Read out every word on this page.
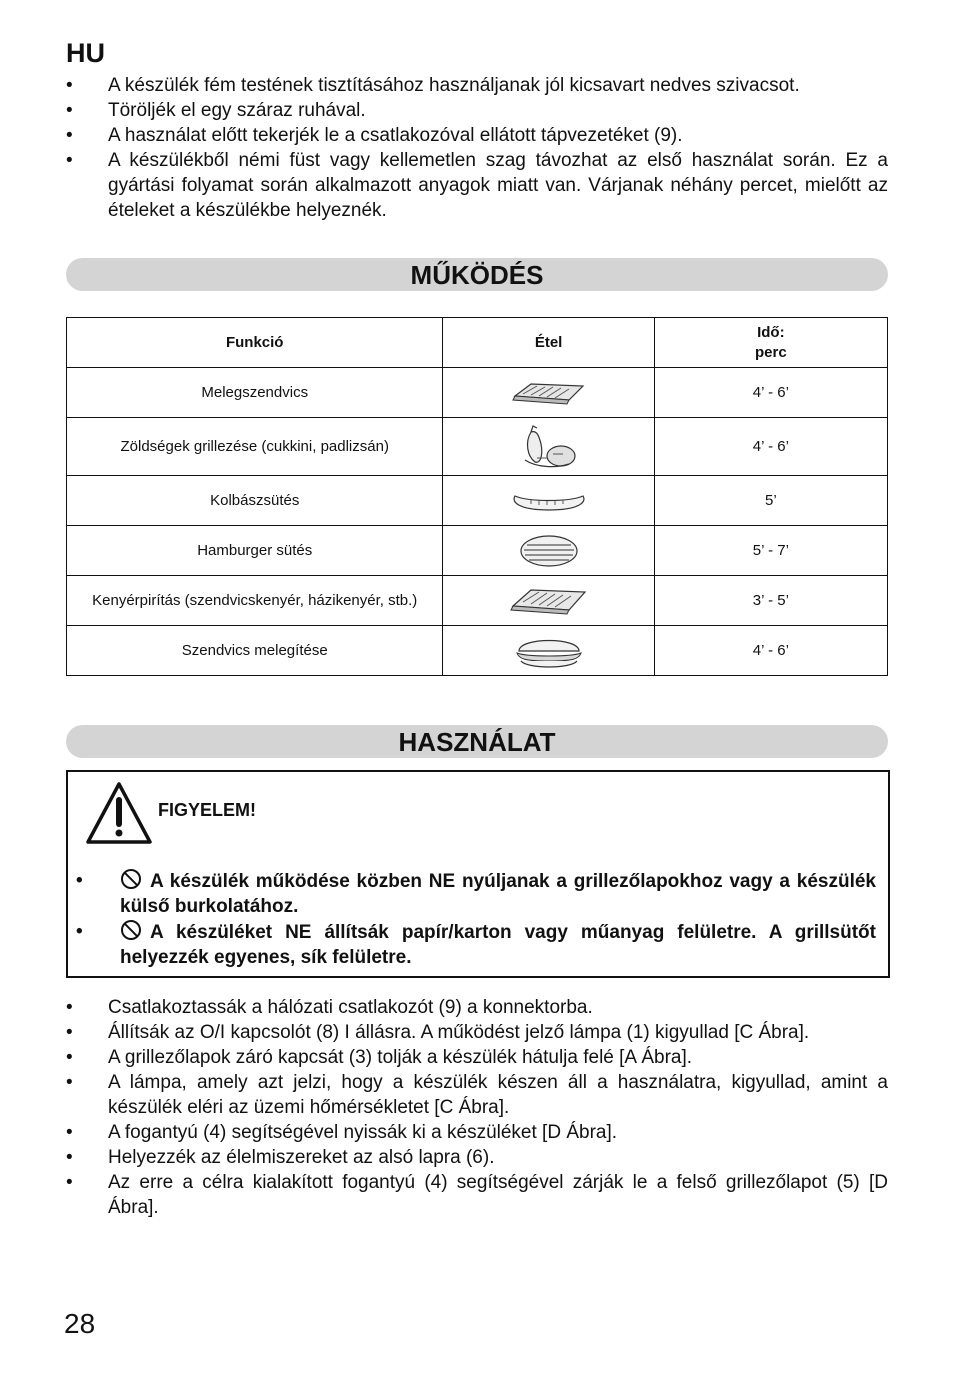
HU
• A készülék fém testének tisztításához használjanak jól kicsavart nedves szivacsot.
• Töröljék el egy száraz ruhával.
• A használat előtt tekerjék le a csatlakozóval ellátott tápvezetéket (9).
• A készülékből némi füst vagy kellemetlen szag távozhat az első használat során. Ez a gyártási folyamat során alkalmazott anyagok miatt van. Várjanak néhány percet, mielőtt az ételeket a készülékbe helyeznék.
MŰKÖDÉS
Funkció	Étel	Idő:
perc
Melegszendvics		4’ - 6’
Zöldségek grillezése (cukkini, padlizsán)		4’ - 6’
Kolbászsütés		5’
Hamburger sütés		5’ - 7’
Kenyérpirítás (szendvicskenyér, házikenyér, stb.)		3’ - 5’
Szendvics melegítése		4’ - 6’
HASZNÁLAT
FIGYELEM!
•	A készülék működése közben NE nyúljanak a grillezőlapokhoz vagy a készülék külső burkolatához.
•	A készüléket NE állítsák papír/karton vagy műanyag felületre. A grillsütőt helyezzék egyenes, sík felületre.
• Csatlakoztassák a hálózati csatlakozót (9) a konnektorba.
• Állítsák az O/I kapcsolót (8) I állásra. A működést jelző lámpa (1) kigyullad [C Ábra].
• A grillezőlapok záró kapcsát (3) tolják a készülék hátulja felé [A Ábra].
• A lámpa, amely azt jelzi, hogy a készülék készen áll a használatra, kigyullad, amint a készülék eléri az üzemi hőmérsékletet [C Ábra].
• A fogantyú (4) segítségével nyissák ki a készüléket [D Ábra].
• Helyezzék az élelmiszereket az alsó lapra (6).
• Az erre a célra kialakított fogantyú (4) segítségével zárják le a felső grillezőlapot (5) [D Ábra].
28
